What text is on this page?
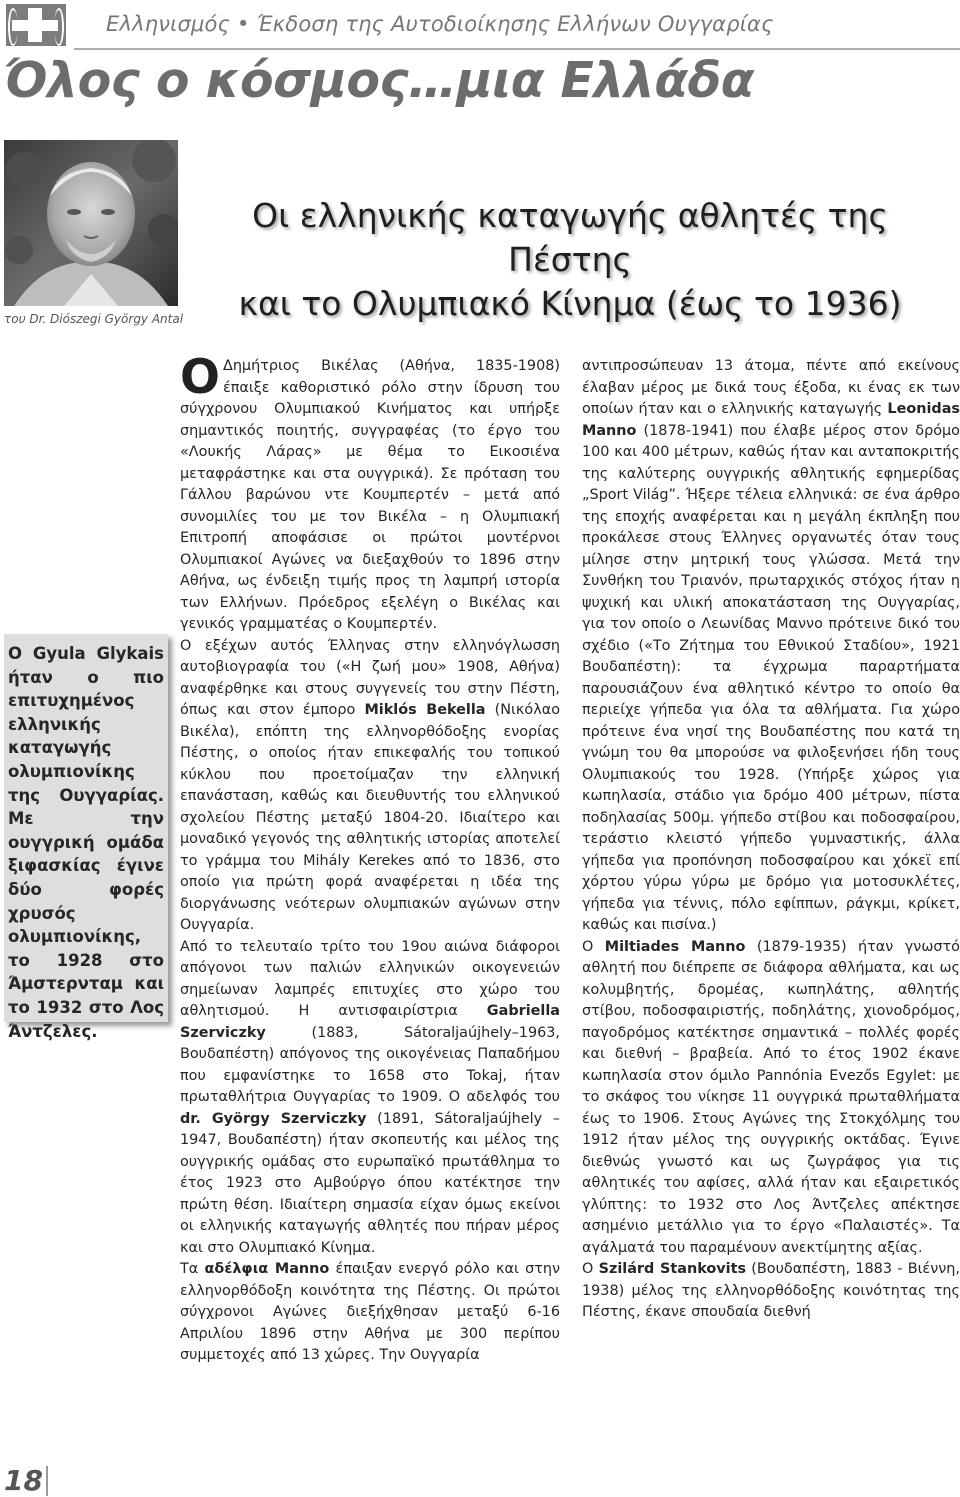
Ελληνισμός • Έκδοση της Αυτοδιοίκησης Ελλήνων Ουγγαρίας
Όλος ο κόσμος…μια Ελλάδα
του Dr. Diószegi György Antal
Οι ελληνικής καταγωγής αθλητές της Πέστης
και το Ολυμπιακό Κίνημα (έως το 1936)

Ο Gyula Glykais ήταν ο πιο επιτυχημένος ελληνικής καταγωγής ολυμπιονίκης της Ουγγαρίας. Με την ουγγρική ομάδα ξιφασκίας έγινε δύο φορές χρυσός ολυμπιονίκης, το 1928 στο Άμστερνταμ και το 1932 στο Λος Άντζελες.

Ο Δημήτριος Βικέλας (Αθήνα, 1835-1908) έπαιξε καθοριστικό ρόλο στην ίδρυση του σύγχρονου Ολυμπιακού Κινήματος και υπήρξε σημαντικός ποιητής, συγγραφέας (το έργο του «Λουκής Λάρας» με θέμα το Εικοσιένα μεταφράστηκε και στα ουγγρικά). Σε πρόταση του Γάλλου βαρώνου ντε Κουμπερτέν – μετά από συνομιλίες του με τον Βικέλα – η Ολυμπιακή Επιτροπή αποφάσισε οι πρώτοι μοντέρνοι Ολυμπιακοί Αγώνες να διεξαχθούν το 1896 στην Αθήνα, ως ένδειξη τιμής προς τη λαμπρή ιστορία των Ελλήνων. Πρόεδρος εξελέγη ο Βικέλας και γενικός γραμματέας ο Κουμπερτέν.

Ο εξέχων αυτός Έλληνας στην ελληνόγλωσση αυτοβιογραφία του («Η ζωή μου» 1908, Αθήνα) αναφέρθηκε και στους συγγενείς του στην Πέστη, όπως και στον έμπορο Miklós Bekella (Νικόλαο Βικέλα), επόπτη της ελληνορθόδοξης ενορίας Πέστης, ο οποίος ήταν επικεφαλής του τοπικού κύκλου που προετοίμαζαν την ελληνική επανάσταση, καθώς και διευθυντής του ελληνικού σχολείου Πέστης μεταξύ 1804-20. Ιδιαίτερο και μοναδικό γεγονός της αθλητικής ιστορίας αποτελεί το γράμμα του Mihály Kerekes από το 1836, στο οποίο για πρώτη φορά αναφέρεται η ιδέα της διοργάνωσης νεότερων ολυμπιακών αγώνων στην Ουγγαρία.

Από το τελευταίο τρίτο του 19ου αιώνα διάφοροι απόγονοι των παλιών ελληνικών οικογενειών σημείωναν λαμπρές επιτυχίες στο χώρο του αθλητισμού. Η αντισφαιρίστρια Gabriella Szerviczky (1883, Sátoraljaújhely–1963, Βουδαπέστη) απόγονος της οικογένειας Παπαδήμου που εμφανίστηκε το 1658 στο Tokaj, ήταν πρωταθλήτρια Ουγγαρίας το 1909. Ο αδελφός του dr. György Szerviczky (1891, Sátoraljaújhely – 1947, Βουδαπέστη) ήταν σκοπευτής και μέλος της ουγγρικής ομάδας στο ευρωπαϊκό πρωτάθλημα το έτος 1923 στο Αμβούργο όπου κατέκτησε την πρώτη θέση. Ιδιαίτερη σημασία είχαν όμως εκείνοι οι ελληνικής καταγωγής αθλητές που πήραν μέρος και στο Ολυμπιακό Κίνημα.

Τα αδέλφια Manno έπαιξαν ενεργό ρόλο και στην ελληνορθόδοξη κοινότητα της Πέστης. Οι πρώτοι σύγχρονοι Αγώνες διεξήχθησαν μεταξύ 6-16 Απριλίου 1896 στην Αθήνα με 300 περίπου συμμετοχές από 13 χώρες. Την Ουγγαρία

αντιπροσώπευαν 13 άτομα, πέντε από εκείνους έλαβαν μέρος με δικά τους έξοδα, κι ένας εκ των οποίων ήταν και ο ελληνικής καταγωγής Leonidas Manno (1878-1941) που έλαβε μέρος στον δρόμο 100 και 400 μέτρων, καθώς ήταν και ανταποκριτής της καλύτερης ουγγρικής αθλητικής εφημερίδας „Sport Világ”. Ήξερε τέλεια ελληνικά: σε ένα άρθρο της εποχής αναφέρεται και η μεγάλη έκπληξη που προκάλεσε στους Έλληνες οργανωτές όταν τους μίλησε στην μητρική τους γλώσσα. Μετά την Συνθήκη του Τριανόν, πρωταρχικός στόχος ήταν η ψυχική και υλική αποκατάσταση της Ουγγαρίας, για τον οποίο ο Λεωνίδας Μαννο πρότεινε δικό του σχέδιο («Το Ζήτημα του Εθνικού Σταδίου», 1921 Βουδαπέστη): τα έγχρωμα παραρτήματα παρουσιάζουν ένα αθλητικό κέντρο το οποίο θα περιείχε γήπεδα για όλα τα αθλήματα. Για χώρο πρότεινε ένα νησί της Βουδαπέστης που κατά τη γνώμη του θα μπορούσε να φιλοξενήσει ήδη τους Ολυμπιακούς του 1928. (Υπήρξε χώρος για κωπηλασία, στάδιο για δρόμο 400 μέτρων, πίστα ποδηλασίας 500μ. γήπεδο στίβου και ποδοσφαίρου, τεράστιο κλειστό γήπεδο γυμναστικής, άλλα γήπεδα για προπόνηση ποδοσφαίρου και χόκεϊ επί χόρτου γύρω γύρω με δρόμο για μοτοσυκλέτες, γήπεδα για τέννις, πόλο εφίππων, ράγκμι, κρίκετ, καθώς και πισίνα.)

Ο Miltiades Manno (1879-1935) ήταν γνωστό αθλητή που διέπρεπε σε διάφορα αθλήματα, και ως κολυμβητής, δρομέας, κωπηλάτης, αθλητής στίβου, ποδοσφαιριστής, ποδηλάτης, χιονοδρόμος, παγοδρόμος κατέκτησε σημαντικά – πολλές φορές και διεθνή – βραβεία. Από το έτος 1902 έκανε κωπηλασία στον όμιλο Pannónia Evezős Egylet: με το σκάφος του νίκησε 11 ουγγρικά πρωταθλήματα έως το 1906. Στους Αγώνες της Στοκχόλμης του 1912 ήταν μέλος της ουγγρικής οκτάδας. Έγινε διεθνώς γνωστό και ως ζωγράφος για τις αθλητικές του αφίσες, αλλά ήταν και εξαιρετικός γλύπτης: το 1932 στο Λος Άντζελες απέκτησε ασημένιο μετάλλιο για το έργο «Παλαιστές». Τα αγάλματά του παραμένουν ανεκτίμητης αξίας.

Ο Szilárd Stankovits (Βουδαπέστη, 1883 - Βιέννη, 1938) μέλος της ελληνορθόδοξης κοινότητας της Πέστης, έκανε σπουδαία διεθνή

18
